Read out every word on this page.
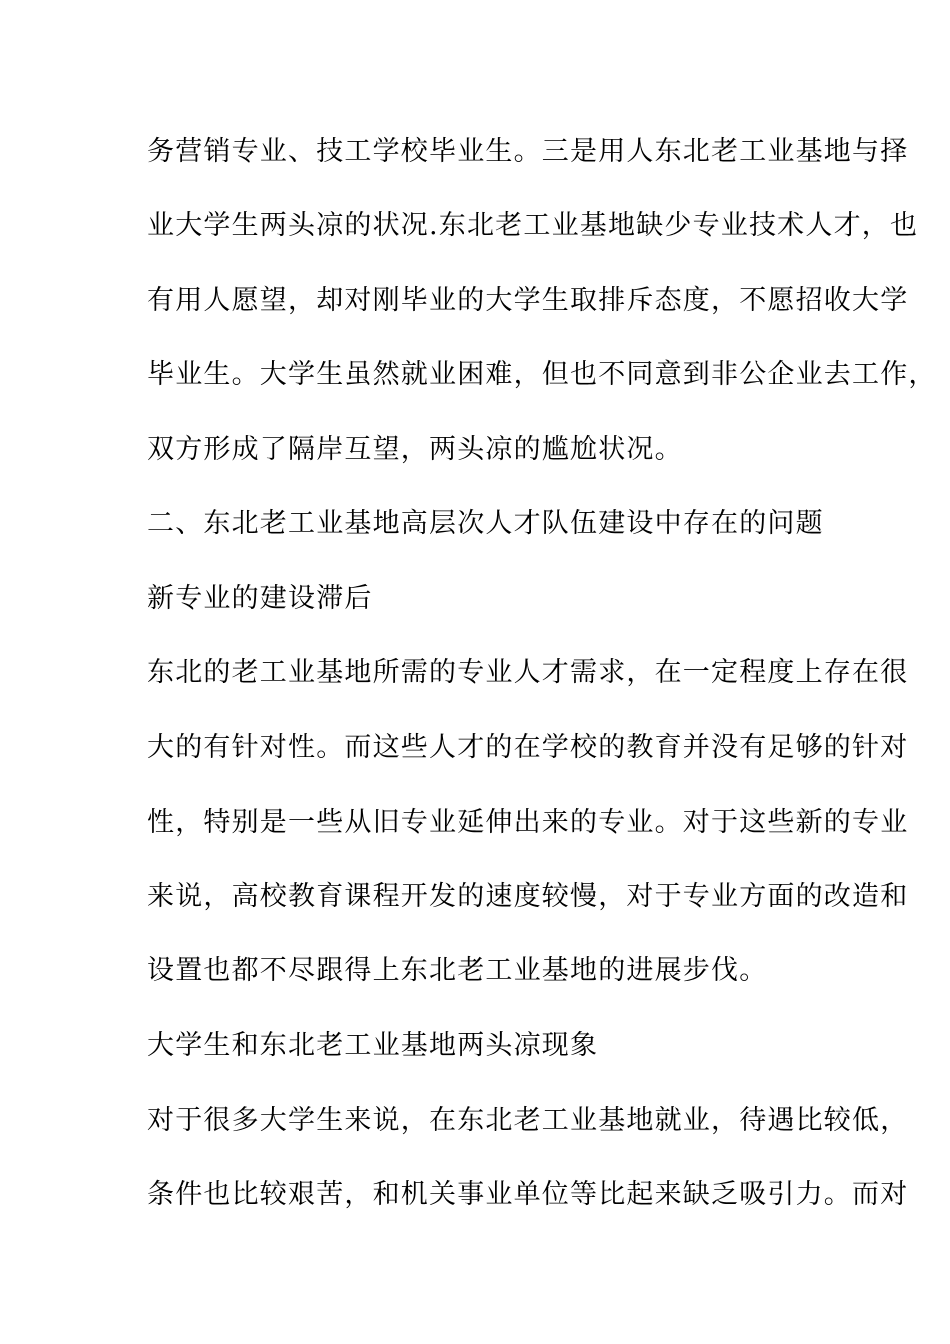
务营销专业、技工学校毕业生。三是用人东北老工业基地与择
业大学生两头凉的状况.东北老工业基地缺少专业技术人才，也
有用人愿望，却对刚毕业的大学生取排斥态度，不愿招收大学
毕业生。大学生虽然就业困难，但也不同意到非公企业去工作，
双方形成了隔岸互望，两头凉的尴尬状况。
二、东北老工业基地高层次人才队伍建设中存在的问题
新专业的建设滞后
东北的老工业基地所需的专业人才需求，在一定程度上存在很
大的有针对性。而这些人才的在学校的教育并没有足够的针对
性，特别是一些从旧专业延伸出来的专业。对于这些新的专业
来说，高校教育课程开发的速度较慢，对于专业方面的改造和
设置也都不尽跟得上东北老工业基地的进展步伐。
大学生和东北老工业基地两头凉现象
对于很多大学生来说，在东北老工业基地就业，待遇比较低，
条件也比较艰苦，和机关事业单位等比起来缺乏吸引力。而对
